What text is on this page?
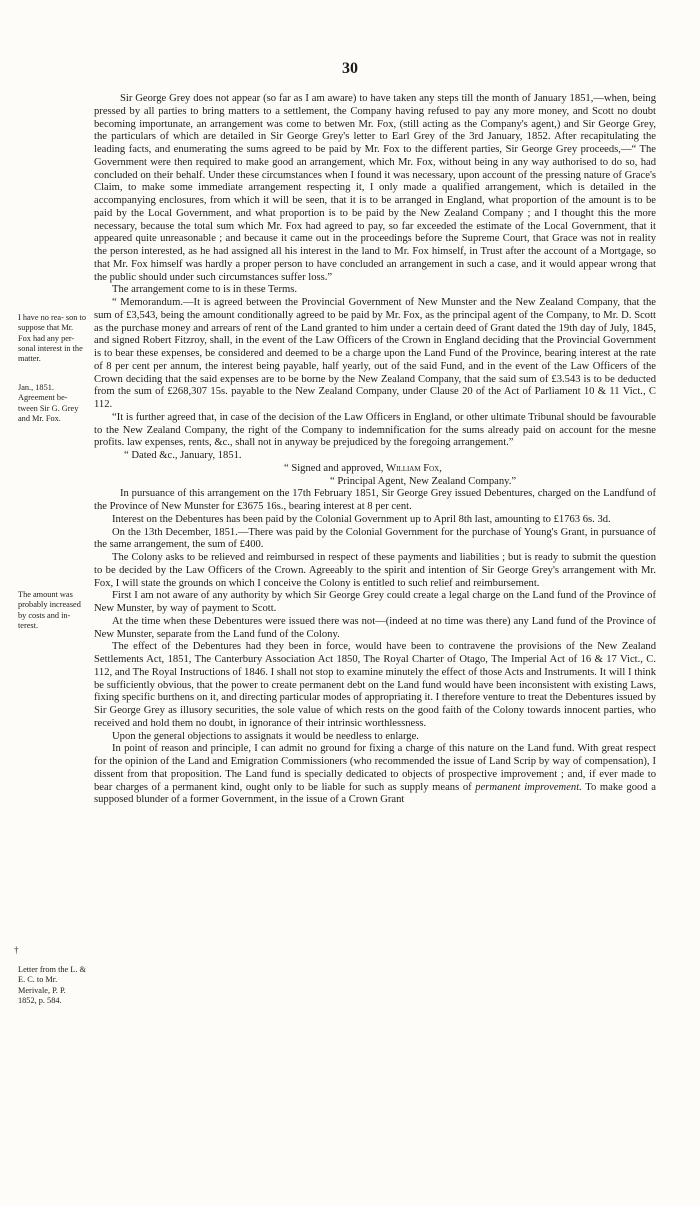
30

I have no rea- son to suppose that Mr. Fox had any per- sonal interest in the matter.

Jan., 1851. Agreement be- tween Sir G. Grey and Mr. Fox.

The amount was probably increased by costs and in- terest.

†

Letter from the L. & E. C. to Mr. Merivale, P. P. 1852, p. 584.

Sir George Grey does not appear (so far as I am aware) to have taken any steps till the month of January 1851,—when, being pressed by all parties to bring matters to a settlement, the Company having refused to pay any more money, and Scott no doubt becoming importunate, an arrangement was come to betwen Mr. Fox, (still acting as the Company's agent,) and Sir George Grey, the particulars of which are detailed in Sir George Grey's letter to Earl Grey of the 3rd January, 1852. After recapitulating the leading facts, and enumerating the sums agreed to be paid by Mr. Fox to the different parties, Sir George Grey proceeds,—“ The Government were then required to make good an arrangement, which Mr. Fox, without being in any way authorised to do so, had concluded on their behalf. Under these circumstances when I found it was necessary, upon account of the pressing nature of Grace's Claim, to make some immediate arrangement respecting it, I only made a qualified arrangement, which is detailed in the accompanying enclosures, from which it will be seen, that it is to be arranged in England, what proportion of the amount is to be paid by the Local Government, and what proportion is to be paid by the New Zealand Company ; and I thought this the more necessary, because the total sum which Mr. Fox had agreed to pay, so far exceeded the estimate of the Local Government, that it appeared quite unreasonable ; and because it came out in the proceedings before the Supreme Court, that Grace was not in reality the person interested, as he had assigned all his interest in the land to Mr. Fox himself, in Trust after the account of a Mortgage, so that Mr. Fox himself was hardly a proper person to have concluded an arrangement in such a case, and it would appear wrong that the public should under such circumstances suffer loss.”

The arrangement come to is in these Terms.

“ Memorandum.—It is agreed between the Provincial Government of New Munster and the New Zealand Company, that the sum of £3,543, being the amount conditionally agreed to be paid by Mr. Fox, as the principal agent of the Company, to Mr. D. Scott as the purchase money and arrears of rent of the Land granted to him under a certain deed of Grant dated the 19th day of July, 1845, and signed Robert Fitzroy, shall, in the event of the Law Officers of the Crown in England deciding that the Provincial Government is to bear these expenses, be considered and deemed to be a charge upon the Land Fund of the Province, bearing interest at the rate of 8 per cent per annum, the interest being payable, half yearly, out of the said Fund, and in the event of the Law Officers of the Crown deciding that the said expenses are to be borne by the New Zealand Company, that the said sum of £3.543 is to be deducted from the sum of £268,307 15s. payable to the New Zealand Company, under Clause 20 of the Act of Parliament 10 & 11 Vict., C 112.

“It is further agreed that, in case of the decision of the Law Officers in England, or other ultimate Tribunal should be favourable to the New Zealand Company, the right of the Company to indemnification for the sums already paid on account for the mesne profits. law expenses, rents, &c., shall not in anyway be prejudiced by the foregoing arrangement.”

“ Dated &c., January, 1851.

“ Signed and approved, William Fox,

“ Principal Agent, New Zealand Company.”

In pursuance of this arrangement on the 17th February 1851, Sir George Grey issued Debentures, charged on the Landfund of the Province of New Munster for £3675 16s., bearing interest at 8 per cent.

Interest on the Debentures has been paid by the Colonial Government up to April 8th last, amounting to £1763 6s. 3d.

On the 13th December, 1851.—There was paid by the Colonial Government for the purchase of Young's Grant, in pursuance of the same arrangement, the sum of £400.

The Colony asks to be relieved and reimbursed in respect of these payments and liabilities ; but is ready to submit the question to be decided by the Law Officers of the Crown. Agreeably to the spirit and intention of Sir George Grey's arrangement with Mr. Fox, I will state the grounds on which I conceive the Colony is entitled to such relief and reimbursement.

First I am not aware of any authority by which Sir George Grey could create a legal charge on the Land fund of the Province of New Munster, by way of payment to Scott.

At the time when these Debentures were issued there was not—(indeed at no time was there) any Land fund of the Province of New Munster, separate from the Land fund of the Colony.

The effect of the Debentures had they been in force, would have been to contravene the provisions of the New Zealand Settlements Act, 1851, The Canterbury Association Act 1850, The Royal Charter of Otago, The Imperial Act of 16 & 17 Vict., C. 112, and The Royal Instructions of 1846. I shall not stop to examine minutely the effect of those Acts and Instruments. It will I think be sufficiently obvious, that the power to create permanent debt on the Land fund would have been inconsistent with existing Laws, fixing specific burthens on it, and directing particular modes of appropriating it. I therefore venture to treat the Debentures issued by Sir George Grey as illusory securities, the sole value of which rests on the good faith of the Colony towards innocent parties, who received and hold them no doubt, in ignorance of their intrinsic worthlessness.

Upon the general objections to assignats it would be needless to enlarge.

In point of reason and principle, I can admit no ground for fixing a charge of this nature on the Land fund. With great respect for the opinion of the Land and Emigration Commissioners (who recommended the issue of Land Scrip by way of compensation), I dissent from that proposition. The Land fund is specially dedicated to objects of prospective improvement ; and, if ever made to bear charges of a permanent kind, ought only to be liable for such as supply means of permanent improvement. To make good a supposed blunder of a former Government, in the issue of a Crown Grant
